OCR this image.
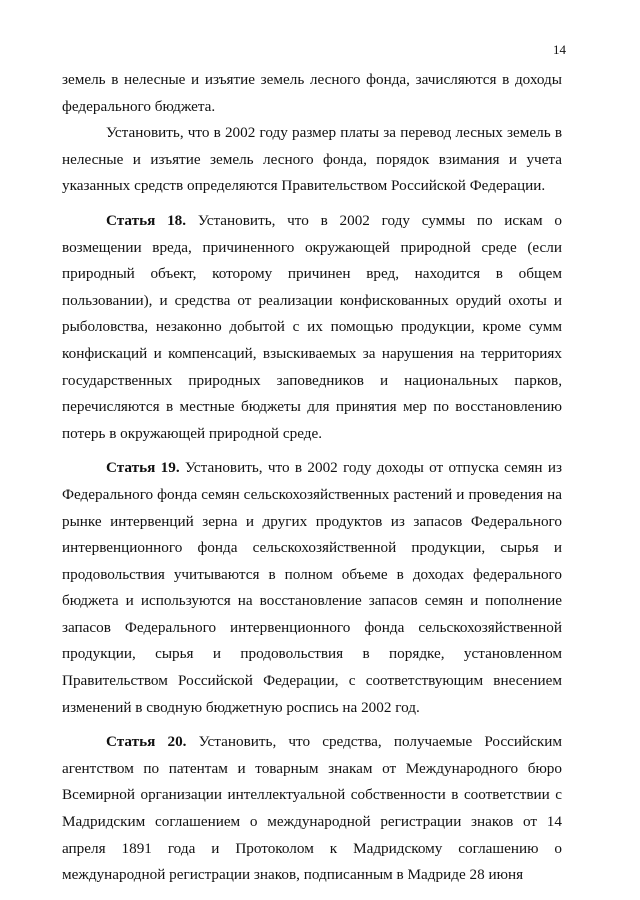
14

земель в нелесные и изъятие земель лесного фонда, зачисляются в доходы федерального бюджета.

Установить, что в 2002 году размер платы за перевод лесных земель в нелесные и изъятие земель лесного фонда, порядок взимания и учета указанных средств определяются Правительством Российской Федерации.

Статья 18. Установить, что в 2002 году суммы по искам о возмещении вреда, причиненного окружающей природной среде (если природный объект, которому причинен вред, находится в общем пользовании), и средства от реализации конфискованных орудий охоты и рыболовства, незаконно добытой с их помощью продукции, кроме сумм конфискаций и компенсаций, взыскиваемых за нарушения на территориях государственных природных заповедников и национальных парков, перечисляются в местные бюджеты для принятия мер по восстановлению потерь в окружающей природной среде.

Статья 19. Установить, что в 2002 году доходы от отпуска семян из Федерального фонда семян сельскохозяйственных растений и проведения на рынке интервенций зерна и других продуктов из запасов Федерального интервенционного фонда сельскохозяйственной продукции, сырья и продовольствия учитываются в полном объеме в доходах федерального бюджета и используются на восстановление запасов семян и пополнение запасов Федерального интервенционного фонда сельскохозяйственной продукции, сырья и продовольствия в порядке, установленном Правительством Российской Федерации, с соответствующим внесением изменений в сводную бюджетную роспись на 2002 год.

Статья 20. Установить, что средства, получаемые Российским агентством по патентам и товарным знакам от Международного бюро Всемирной организации интеллектуальной собственности в соответствии с Мадридским соглашением о международной регистрации знаков от 14 апреля 1891 года и Протоколом к Мадридскому соглашению о международной регистрации знаков, подписанным в Мадриде 28 июня
